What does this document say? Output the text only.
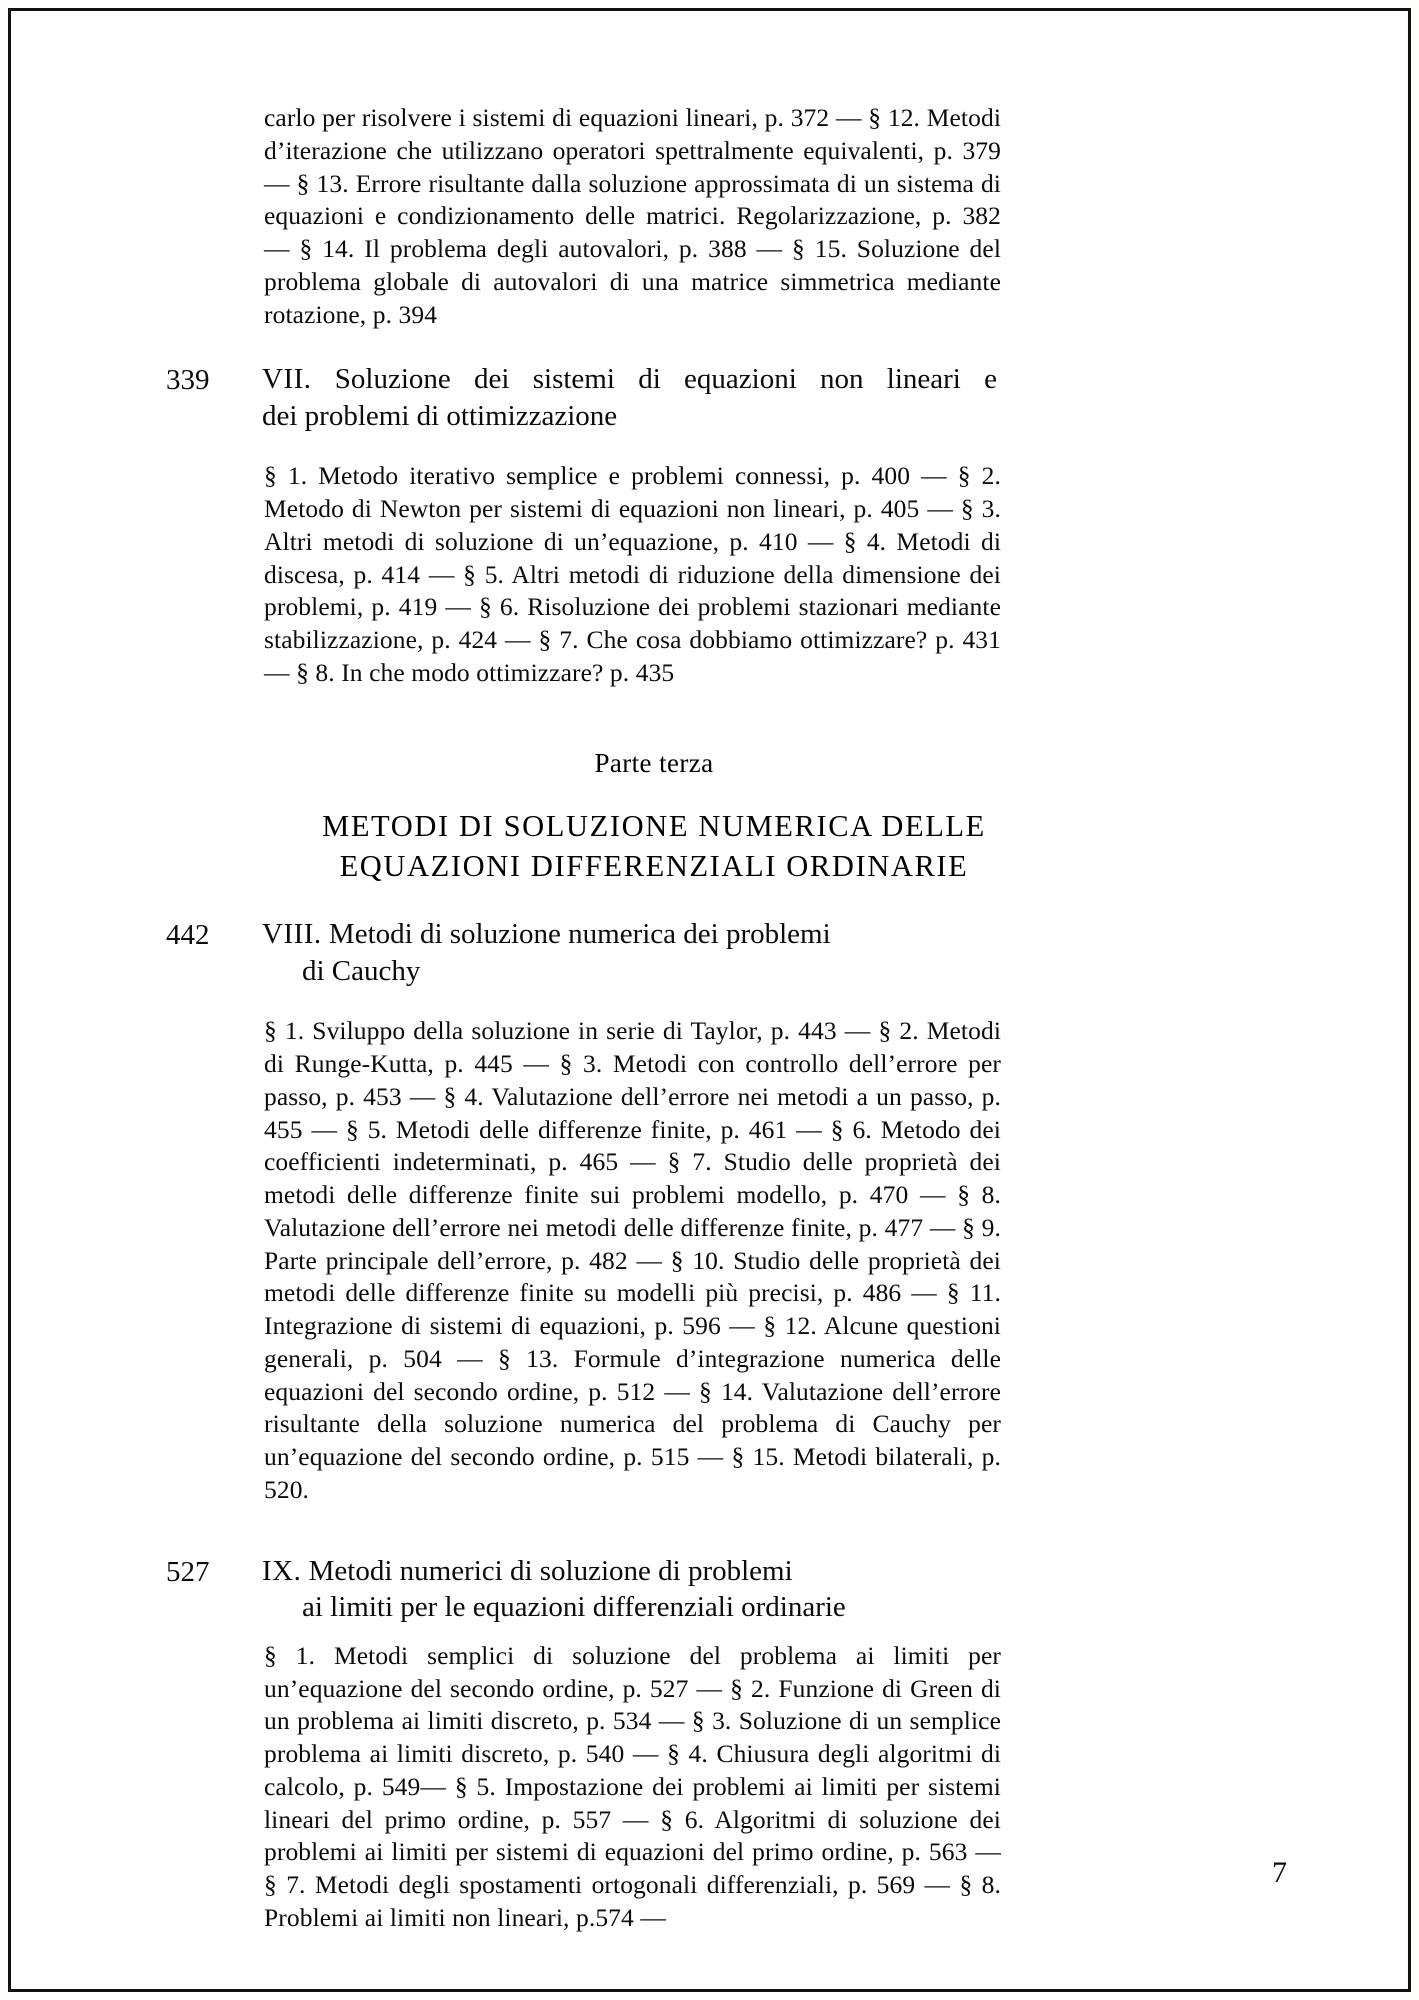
carlo per risolvere i sistemi di equazioni lineari, p. 372 — § 12. Metodi d’iterazione che utilizzano operatori spettralmente equivalenti, p. 379 — § 13. Errore risultante dalla soluzione approssimata di un sistema di equazioni e condizionamento delle matrici. Regolarizzazione, p. 382 — § 14. Il problema degli autovalori, p. 388 — § 15. Soluzione del problema globale di autovalori di una matrice simmetrica mediante rotazione, p. 394

339	VII. Soluzione dei sistemi di equazioni non lineari e
dei problemi di ottimizzazione

§ 1. Metodo iterativo semplice e problemi connessi, p. 400 — § 2. Metodo di Newton per sistemi di equazioni non lineari, p. 405 — § 3. Altri metodi di soluzione di un’equazione, p. 410 — § 4. Metodi di discesa, p. 414 — § 5. Altri metodi di riduzione della dimensione dei problemi, p. 419 — § 6. Risoluzione dei problemi stazionari mediante stabilizzazione, p. 424 — § 7. Che cosa dobbiamo ottimizzare? p. 431 — § 8. In che modo ottimizzare? p. 435

Parte terza
METODI DI SOLUZIONE NUMERICA DELLE
EQUAZIONI DIFFERENZIALI ORDINARIE
442	VIII. Metodi di soluzione numerica dei problemi
di Cauchy

§ 1. Sviluppo della soluzione in serie di Taylor, p. 443 — § 2. Metodi di Runge-Kutta, p. 445 — § 3. Metodi con controllo dell’errore per passo, p. 453 — § 4. Valutazione dell’errore nei metodi a un passo, p. 455 — § 5. Metodi delle differenze finite, p. 461 — § 6. Metodo dei coefficienti indeterminati, p. 465 — § 7. Studio delle proprietà dei metodi delle differenze finite sui problemi modello, p. 470 — § 8. Valutazione dell’errore nei metodi delle differenze finite, p. 477 — § 9. Parte principale dell’errore, p. 482 — § 10. Studio delle proprietà dei metodi delle differenze finite su modelli più precisi, p. 486 — § 11. Integrazione di sistemi di equazioni, p. 596 — § 12. Alcune questioni generali, p. 504 — § 13. Formule d’integrazione numerica delle equazioni del secondo ordine, p. 512 — § 14. Valutazione dell’errore risultante della soluzione numerica del problema di Cauchy per un’equazione del secondo ordine, p. 515 — § 15. Metodi bilaterali, p. 520.

527	IX. Metodi numerici di soluzione di problemi
ai limiti per le equazioni differenziali ordinarie

§ 1. Metodi semplici di soluzione del problema ai limiti per un’equazione del secondo ordine, p. 527 — § 2. Funzione di Green di un problema ai limiti discreto, p. 534 — § 3. Soluzione di un semplice problema ai limiti discreto, p. 540 — § 4. Chiusura degli algoritmi di calcolo, p. 549— § 5. Impostazione dei problemi ai limiti per sistemi lineari del primo ordine, p. 557 — § 6. Algoritmi di soluzione dei problemi ai limiti per sistemi di equazioni del primo ordine, p. 563 — § 7. Metodi degli spostamenti ortogonali differenziali, p. 569 — § 8. Problemi ai limiti non lineari, p.574 —

7
